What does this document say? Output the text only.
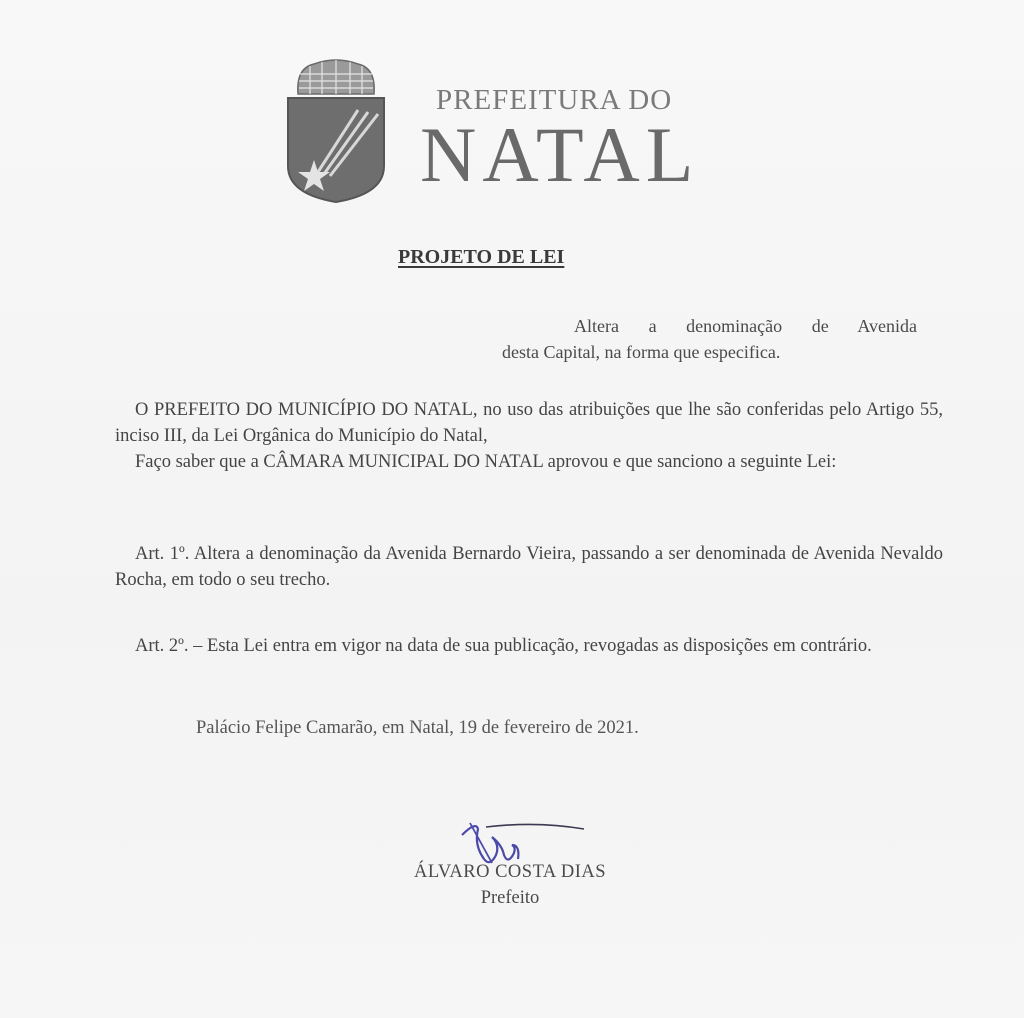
PREFEITURA DO
NATAL
PROJETO DE LEI
Altera a denominação de Avenida
desta Capital, na forma que especifica.
O PREFEITO DO MUNICÍPIO DO NATAL, no uso das atribuições que lhe são conferidas pelo Artigo 55, inciso III, da Lei Orgânica do Município do Natal,
Faço saber que a CÂMARA MUNICIPAL DO NATAL aprovou e que sanciono a seguinte Lei:
Art. 1º. Altera a denominação da Avenida Bernardo Vieira, passando a ser denominada de Avenida Nevaldo Rocha, em todo o seu trecho.
Art. 2º. – Esta Lei entra em vigor na data de sua publicação, revogadas as disposições em contrário.
Palácio Felipe Camarão, em Natal, 19 de fevereiro de 2021.
ÁLVARO COSTA DIAS
Prefeito
